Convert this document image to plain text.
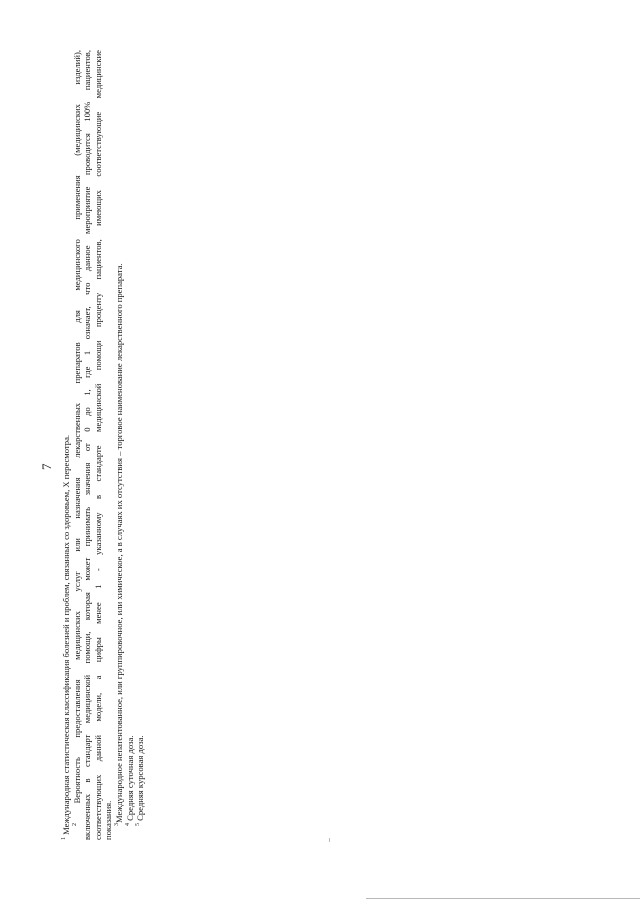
7

$^1$ Международная статистическая классификация болезней и проблем, связанных со здоровьем, X пересмотра. $^2$ Вероятность предоставления медицинских услуг или назначения лекарственных препаратов для медицинского применения (медицинских изделий), включенных в стандарт медицинской помощи, которая может принимать значения от 0 до 1, где 1 означает, что данное мероприятие проводится 100% пациентов, соответствующих данной модели, а цифры менее 1 - указанному в стандарте медицинской помощи проценту пациентов, имеющих соответствующие медицинские показания. $^3$Международное непатентованное, или группировочное, или химическое, а в случаях их отсутствия – торговое наименование лекарственного препарата.

$^4$ Средняя суточная доза.

$^5$ Средняя курсовая доза.
